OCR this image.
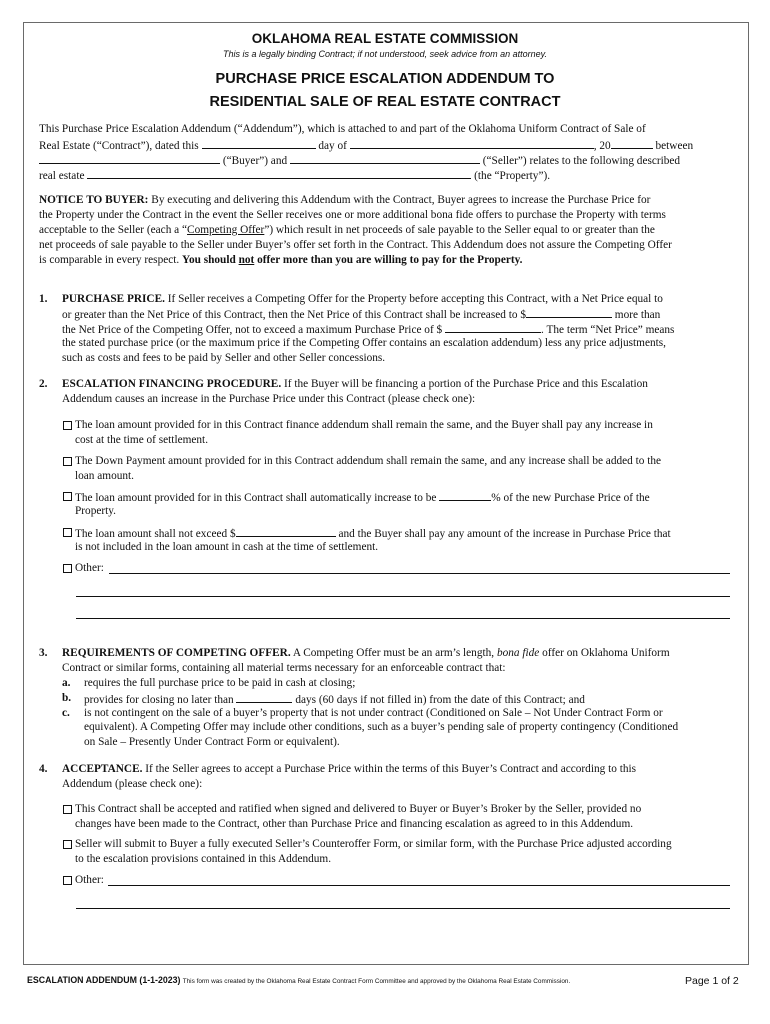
OKLAHOMA REAL ESTATE COMMISSION
This is a legally binding Contract; if not understood, seek advice from an attorney.
PURCHASE PRICE ESCALATION ADDENDUM TO
RESIDENTIAL SALE OF REAL ESTATE CONTRACT
This Purchase Price Escalation Addendum (“Addendum”), which is attached to and part of the Oklahoma Uniform Contract of Sale of
Real Estate (“Contract”), dated this	day of	, 20	between
(“Buyer”) and	(“Seller”) relates to the following described
real estate	(the “Property”).
NOTICE TO BUYER: By executing and delivering this Addendum with the Contract, Buyer agrees to increase the Purchase Price for
the Property under the Contract in the event the Seller receives one or more additional bona fide offers to purchase the Property with terms
acceptable to the Seller (each a “Competing Offer”) which result in net proceeds of sale payable to the Seller equal to or greater than the
net proceeds of sale payable to the Seller under Buyer’s offer set forth in the Contract. This Addendum does not assure the Competing Offer
is comparable in every respect. You should not offer more than you are willing to pay for the Property.
1. PURCHASE PRICE. If Seller receives a Competing Offer for the Property before accepting this Contract, with a Net Price equal to
or greater than the Net Price of this Contract, then the Net Price of this Contract shall be increased to $	more than
the Net Price of the Competing Offer, not to exceed a maximum Purchase Price of $	. The term “Net Price” means
the stated purchase price (or the maximum price if the Competing Offer contains an escalation addendum) less any price adjustments,
such as costs and fees to be paid by Seller and other Seller concessions.
2. ESCALATION FINANCING PROCEDURE. If the Buyer will be financing a portion of the Purchase Price and this Escalation
Addendum causes an increase in the Purchase Price under this Contract (please check one):
The loan amount provided for in this Contract finance addendum shall remain the same, and the Buyer shall pay any increase in
cost at the time of settlement.
The Down Payment amount provided for in this Contract addendum shall remain the same, and any increase shall be added to the
loan amount.
The loan amount provided for in this Contract shall automatically increase to be	% of the new Purchase Price of the
Property.
The loan amount shall not exceed $	and the Buyer shall pay any amount of the increase in Purchase Price that
is not included in the loan amount in cash at the time of settlement.
Other:
3. REQUIREMENTS OF COMPETING OFFER. A Competing Offer must be an arm’s length, bona fide offer on Oklahoma Uniform
Contract or similar forms, containing all material terms necessary for an enforceable contract that:
a. requires the full purchase price to be paid in cash at closing;
b. provides for closing no later than	days (60 days if not filled in) from the date of this Contract; and
c. is not contingent on the sale of a buyer’s property that is not under contract (Conditioned on Sale – Not Under Contract Form or
equivalent). A Competing Offer may include other conditions, such as a buyer’s pending sale of property contingency (Conditioned
on Sale – Presently Under Contract Form or equivalent).
4. ACCEPTANCE. If the Seller agrees to accept a Purchase Price within the terms of this Buyer’s Contract and according to this
Addendum (please check one):
This Contract shall be accepted and ratified when signed and delivered to Buyer or Buyer’s Broker by the Seller, provided no
changes have been made to the Contract, other than Purchase Price and financing escalation as agreed to in this Addendum.
Seller will submit to Buyer a fully executed Seller’s Counteroffer Form, or similar form, with the Purchase Price adjusted according
to the escalation provisions contained in this Addendum.
Other:
ESCALATION ADDENDUM (1-1-2023) This form was created by the Oklahoma Real Estate Contract Form Committee and approved by the Oklahoma Real Estate Commission.	Page 1 of 2
